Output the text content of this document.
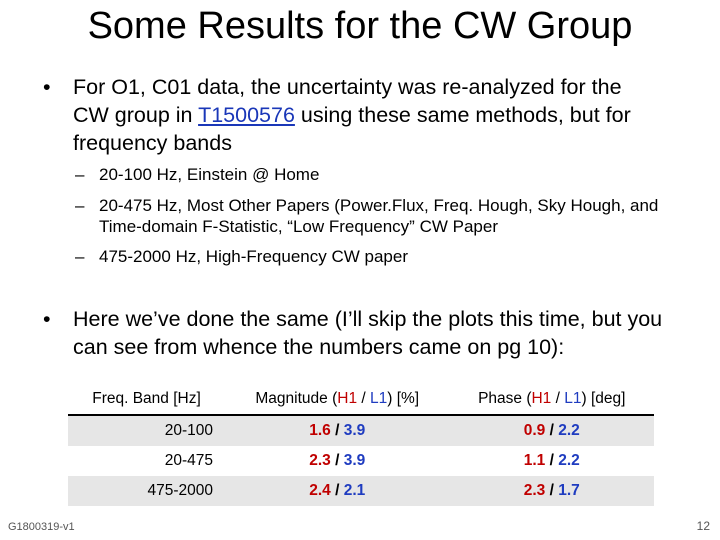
Some Results for the CW Group
• For O1, C01 data, the uncertainty was re-analyzed for the CW group in T1500576 using these same methods, but for frequency bands
– 20-100 Hz, Einstein @ Home
– 20-475 Hz, Most Other Papers (Power.Flux, Freq. Hough, Sky Hough, and Time-domain F-Statistic, “Low Frequency” CW Paper
– 475-2000 Hz, High-Frequency CW paper
• Here we’ve done the same (I’ll skip the plots this time, but you can see from whence the numbers came on pg 10):
Freq. Band [Hz]	Magnitude (H1 / L1) [%]	Phase (H1 / L1) [deg]
20-100	1.6 / 3.9	0.9 / 2.2
20-475	2.3 / 3.9	1.1 / 2.2
475-2000	2.4 / 2.1	2.3 / 1.7
G1800319-v1	12
